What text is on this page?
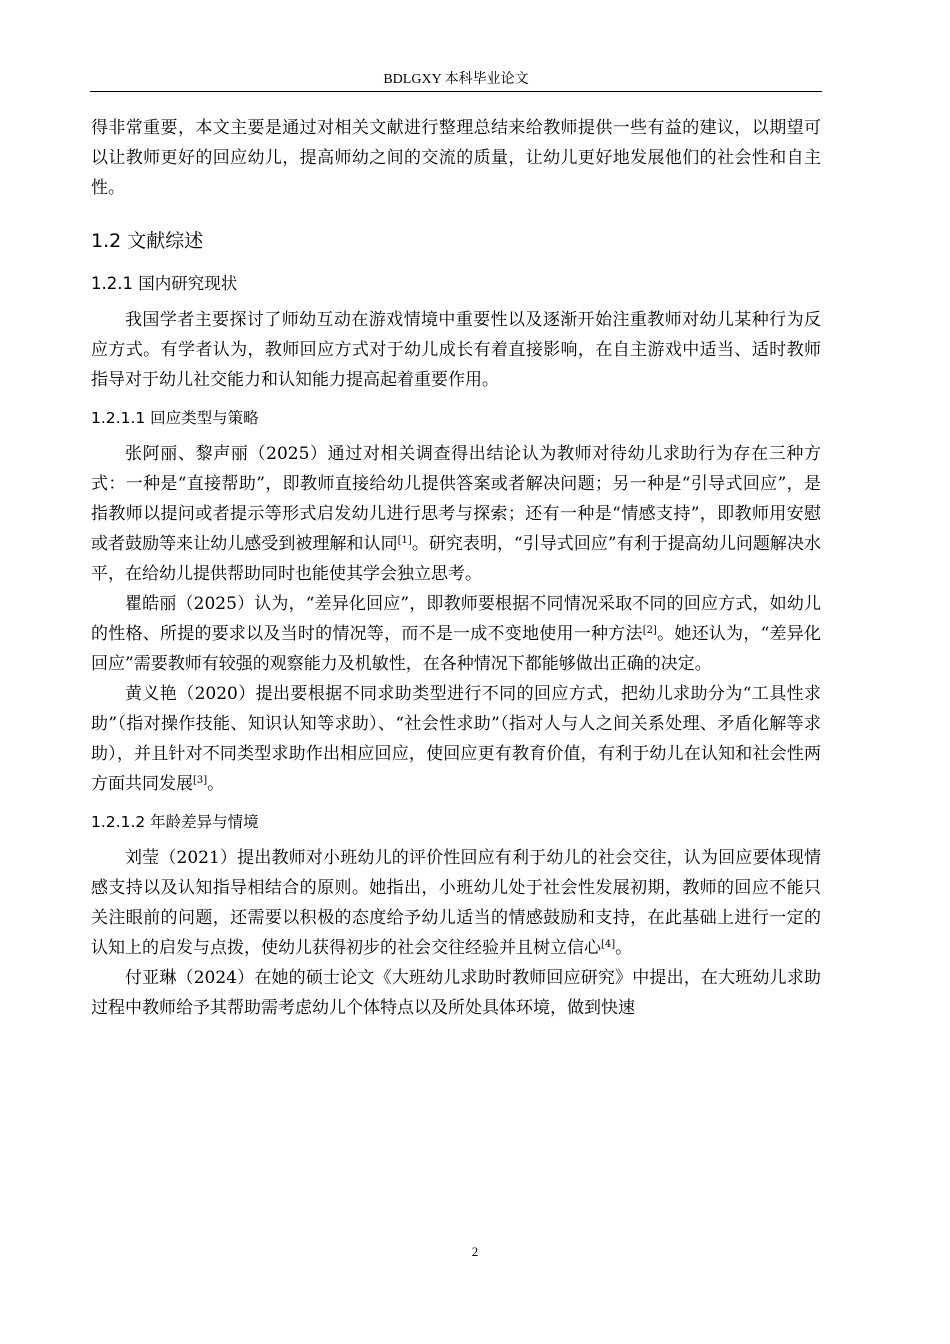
BDLGXY 本科毕业论文

得非常重要，本文主要是通过对相关文献进行整理总结来给教师提供一些有益的建议，以期望可以让教师更好的回应幼儿，提高师幼之间的交流的质量，让幼儿更好地发展他们的社会性和自主性。

1.2 文献综述
1.2.1 国内研究现状

我国学者主要探讨了师幼互动在游戏情境中重要性以及逐渐开始注重教师对幼儿某种行为反应方式。有学者认为，教师回应方式对于幼儿成长有着直接影响，在自主游戏中适当、适时教师指导对于幼儿社交能力和认知能力提高起着重要作用。

1.2.1.1 回应类型与策略

张阿丽、黎声丽（2025）通过对相关调查得出结论认为教师对待幼儿求助行为存在三种方式：一种是“直接帮助”，即教师直接给幼儿提供答案或者解决问题；另一种是“引导式回应”，是指教师以提问或者提示等形式启发幼儿进行思考与探索；还有一种是“情感支持”，即教师用安慰或者鼓励等来让幼儿感受到被理解和认同[1]。研究表明，“引导式回应”有利于提高幼儿问题解决水平，在给幼儿提供帮助同时也能使其学会独立思考。

瞿皓丽（2025）认为，“差异化回应”，即教师要根据不同情况采取不同的回应方式，如幼儿的性格、所提的要求以及当时的情况等，而不是一成不变地使用一种方法[2]。她还认为，“差异化回应”需要教师有较强的观察能力及机敏性，在各种情况下都能够做出正确的决定。

黄义艳（2020）提出要根据不同求助类型进行不同的回应方式，把幼儿求助分为“工具性求助”（指对操作技能、知识认知等求助）、“社会性求助”（指对人与人之间关系处理、矛盾化解等求助），并且针对不同类型求助作出相应回应，使回应更有教育价值，有利于幼儿在认知和社会性两方面共同发展[3]。

1.2.1.2 年龄差异与情境

刘莹（2021）提出教师对小班幼儿的评价性回应有利于幼儿的社会交往，认为回应要体现情感支持以及认知指导相结合的原则。她指出，小班幼儿处于社会性发展初期，教师的回应不能只关注眼前的问题，还需要以积极的态度给予幼儿适当的情感鼓励和支持，在此基础上进行一定的认知上的启发与点拨，使幼儿获得初步的社会交往经验并且树立信心[4]。

付亚琳（2024）在她的硕士论文《大班幼儿求助时教师回应研究》中提出，在大班幼儿求助过程中教师给予其帮助需考虑幼儿个体特点以及所处具体环境，做到快速

2
